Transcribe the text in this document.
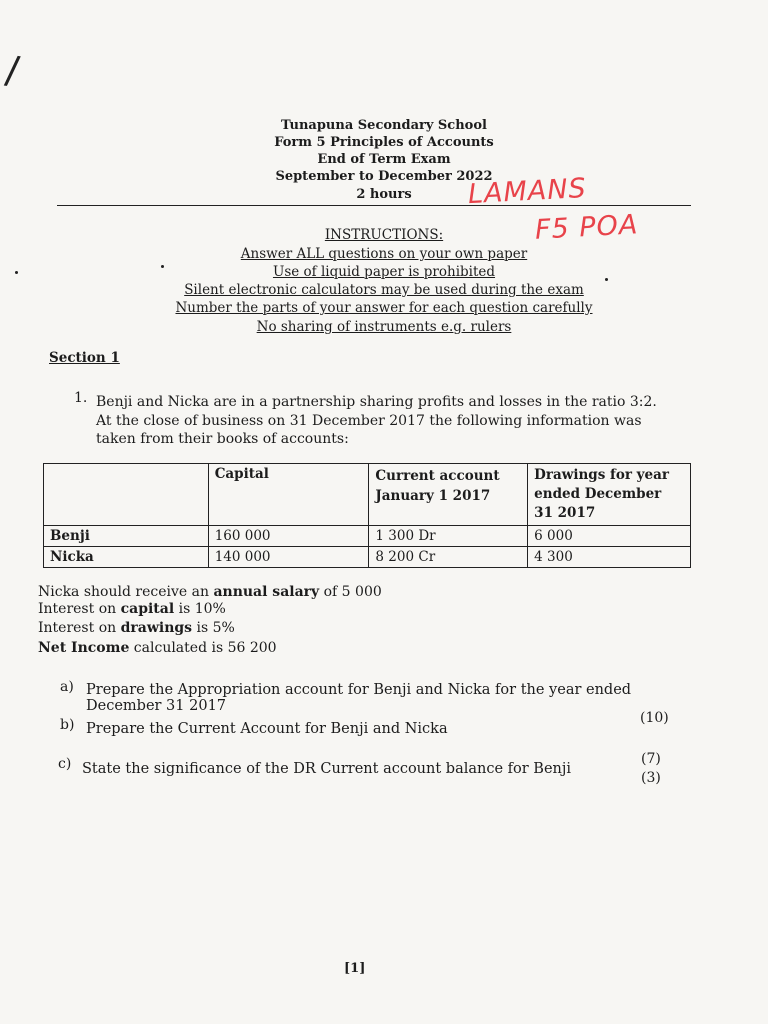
/
Tunapuna Secondary School
Form 5 Principles of Accounts
End of Term Exam
September to December 2022
2 hours	LAMANS
F5 POA
INSTRUCTIONS:
Answer ALL questions on your own paper
Use of liquid paper is prohibited
Silent electronic calculators may be used during the exam
Number the parts of your answer for each question carefully
No sharing of instruments e.g. rulers
Section 1
1. Benji and Nicka are in a partnership sharing profits and losses in the ratio 3:2.
At the close of business on 31 December 2017 the following information was
taken from their books of accounts:
	Capital	Current account January 1 2017	Drawings for year ended December 31 2017
Benji	160 000	1 300 Dr	6 000
Nicka	140 000	8 200 Cr	4 300
Nicka should receive an annual salary of 5 000
Interest on capital is 10%
Interest on drawings is 5%
Net Income calculated is 56 200
a) Prepare the Appropriation account for Benji and Nicka for the year ended
December 31 2017
(10)
b) Prepare the Current Account for Benji and Nicka
(7)
c) State the significance of the DR Current account balance for Benji
(3)
[1]
